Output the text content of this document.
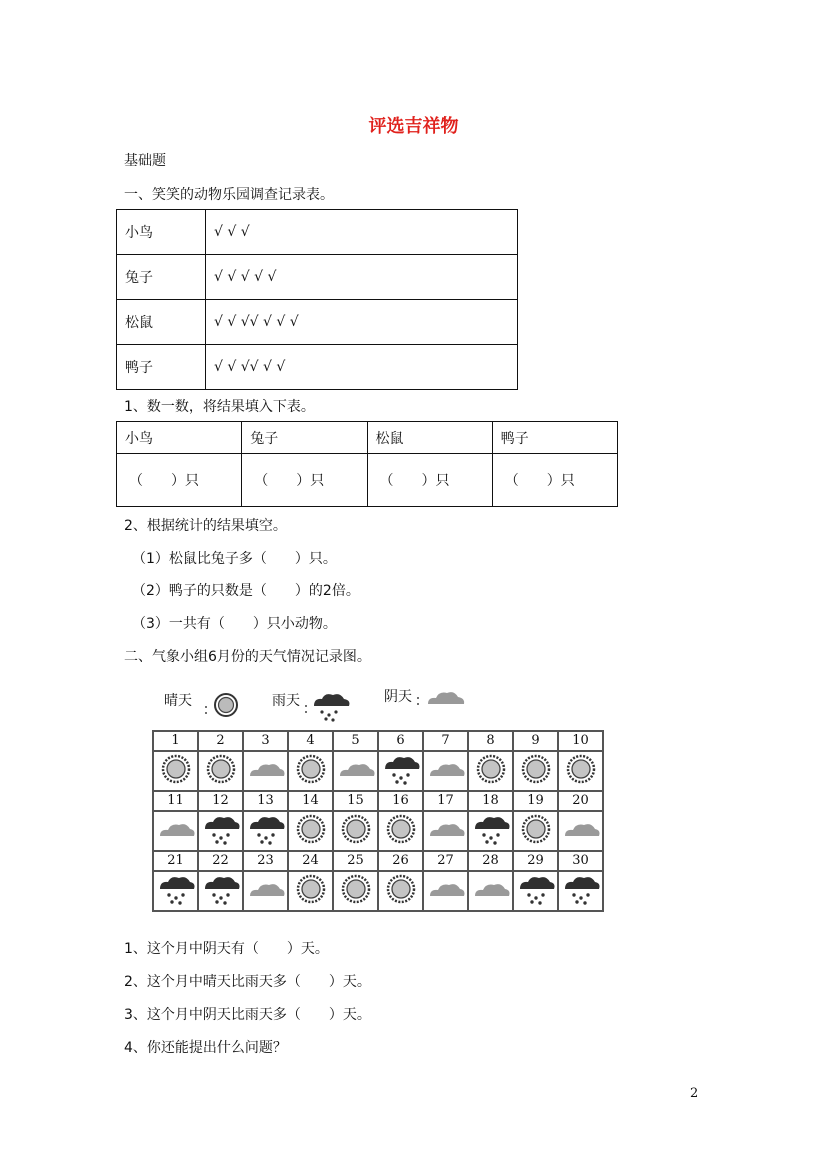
评选吉祥物
基础题
一、笑笑的动物乐园调查记录表。
小鸟	√ √ √
兔子	√ √ √ √ √
松鼠	√ √ √√ √ √ √
鸭子	√ √ √√ √ √
1、数一数，将结果填入下表。
小鸟	兔子	松鼠	鸭子
（　　）只	（　　）只	（　　）只	（　　）只
2、根据统计的结果填空。
（1）松鼠比兔子多（　　）只。
（2）鸭子的只数是（　　）的2倍。
（3）一共有（　　）只小动物。
二、气象小组6月份的天气情况记录图。
晴天	雨天	阴天
1	2	3	4	5	6	7	8	9	10

11	12	13	14	15	16	17	18	19	20

21	22	23	24	25	26	27	28	29	30

1、这个月中阴天有（　　）天。
2、这个月中晴天比雨天多（　　）天。
3、这个月中阴天比雨天多（　　）天。
4、你还能提出什么问题？
2
